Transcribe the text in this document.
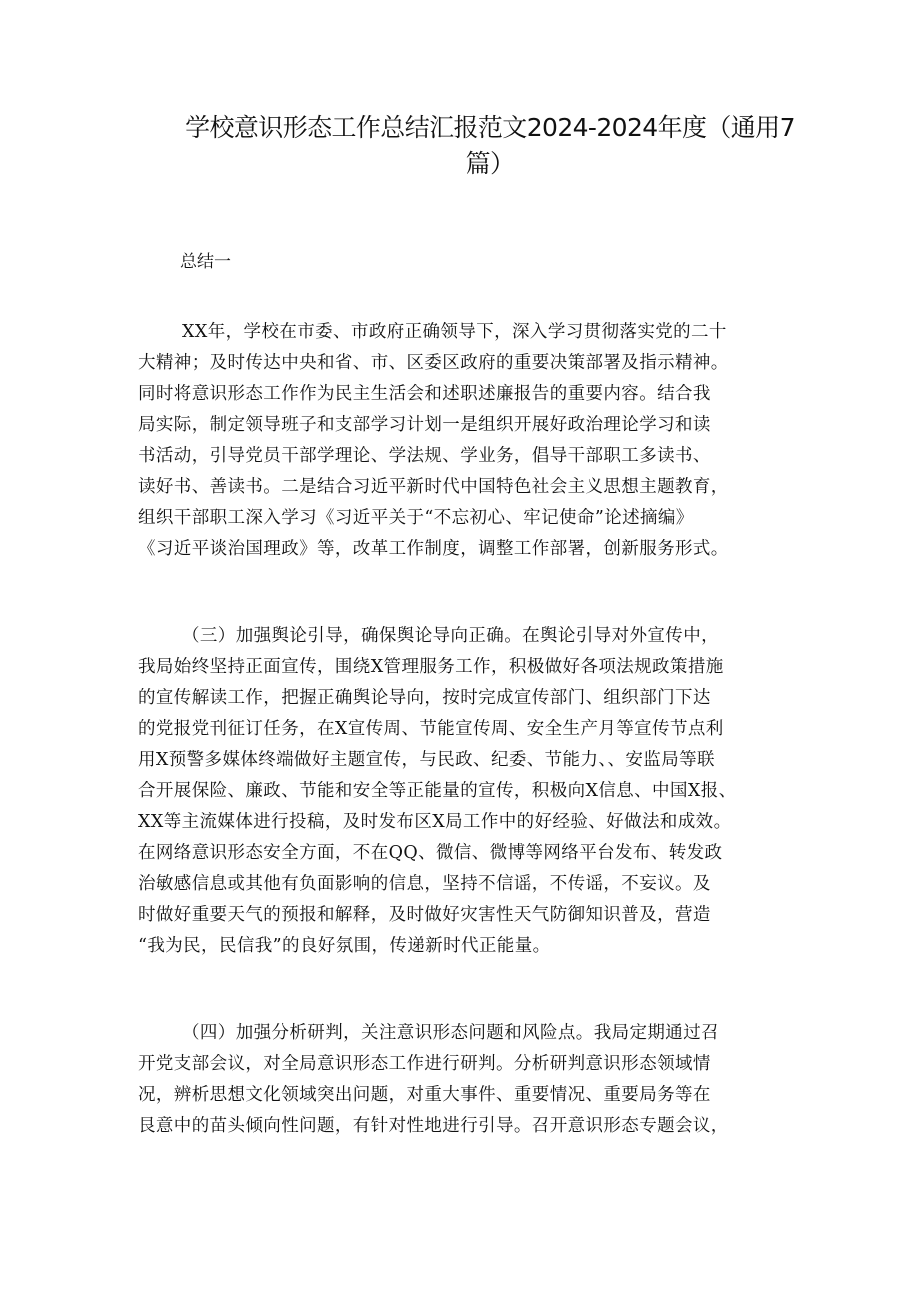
学校意识形态工作总结汇报范文2024-2024年度（通用7
篇）
总结一
XX年，学校在市委、市政府正确领导下，深入学习贯彻落实党的二十
大精神；及时传达中央和省、市、区委区政府的重要决策部署及指示精神。
同时将意识形态工作作为民主生活会和述职述廉报告的重要内容。结合我
局实际，制定领导班子和支部学习计划一是组织开展好政治理论学习和读
书活动，引导党员干部学理论、学法规、学业务，倡导干部职工多读书、
读好书、善读书。二是结合习近平新时代中国特色社会主义思想主题教育，
组织干部职工深入学习《习近平关于“不忘初心、牢记使命”论述摘编》
《习近平谈治国理政》等，改革工作制度，调整工作部署，创新服务形式。
（三）加强舆论引导，确保舆论导向正确。在舆论引导对外宣传中，
我局始终坚持正面宣传，围绕X管理服务工作，积极做好各项法规政策措施
的宣传解读工作，把握正确舆论导向，按时完成宣传部门、组织部门下达
的党报党刊征订任务，在X宣传周、节能宣传周、安全生产月等宣传节点利
用X预警多媒体终端做好主题宣传，与民政、纪委、节能力、、安监局等联
合开展保险、廉政、节能和安全等正能量的宣传，积极向X信息、中国X报、
XX等主流媒体进行投稿，及时发布区X局工作中的好经验、好做法和成效。
在网络意识形态安全方面，不在QQ、微信、微博等网络平台发布、转发政
治敏感信息或其他有负面影响的信息，坚持不信谣，不传谣，不妄议。及
时做好重要天气的预报和解释，及时做好灾害性天气防御知识普及，营造
“我为民，民信我”的良好氛围，传递新时代正能量。
（四）加强分析研判，关注意识形态问题和风险点。我局定期通过召
开党支部会议，对全局意识形态工作进行研判。分析研判意识形态领域情
况，辨析思想文化领域突出问题，对重大事件、重要情况、重要局务等在
艮意中的苗头倾向性问题，有针对性地进行引导。召开意识形态专题会议，
